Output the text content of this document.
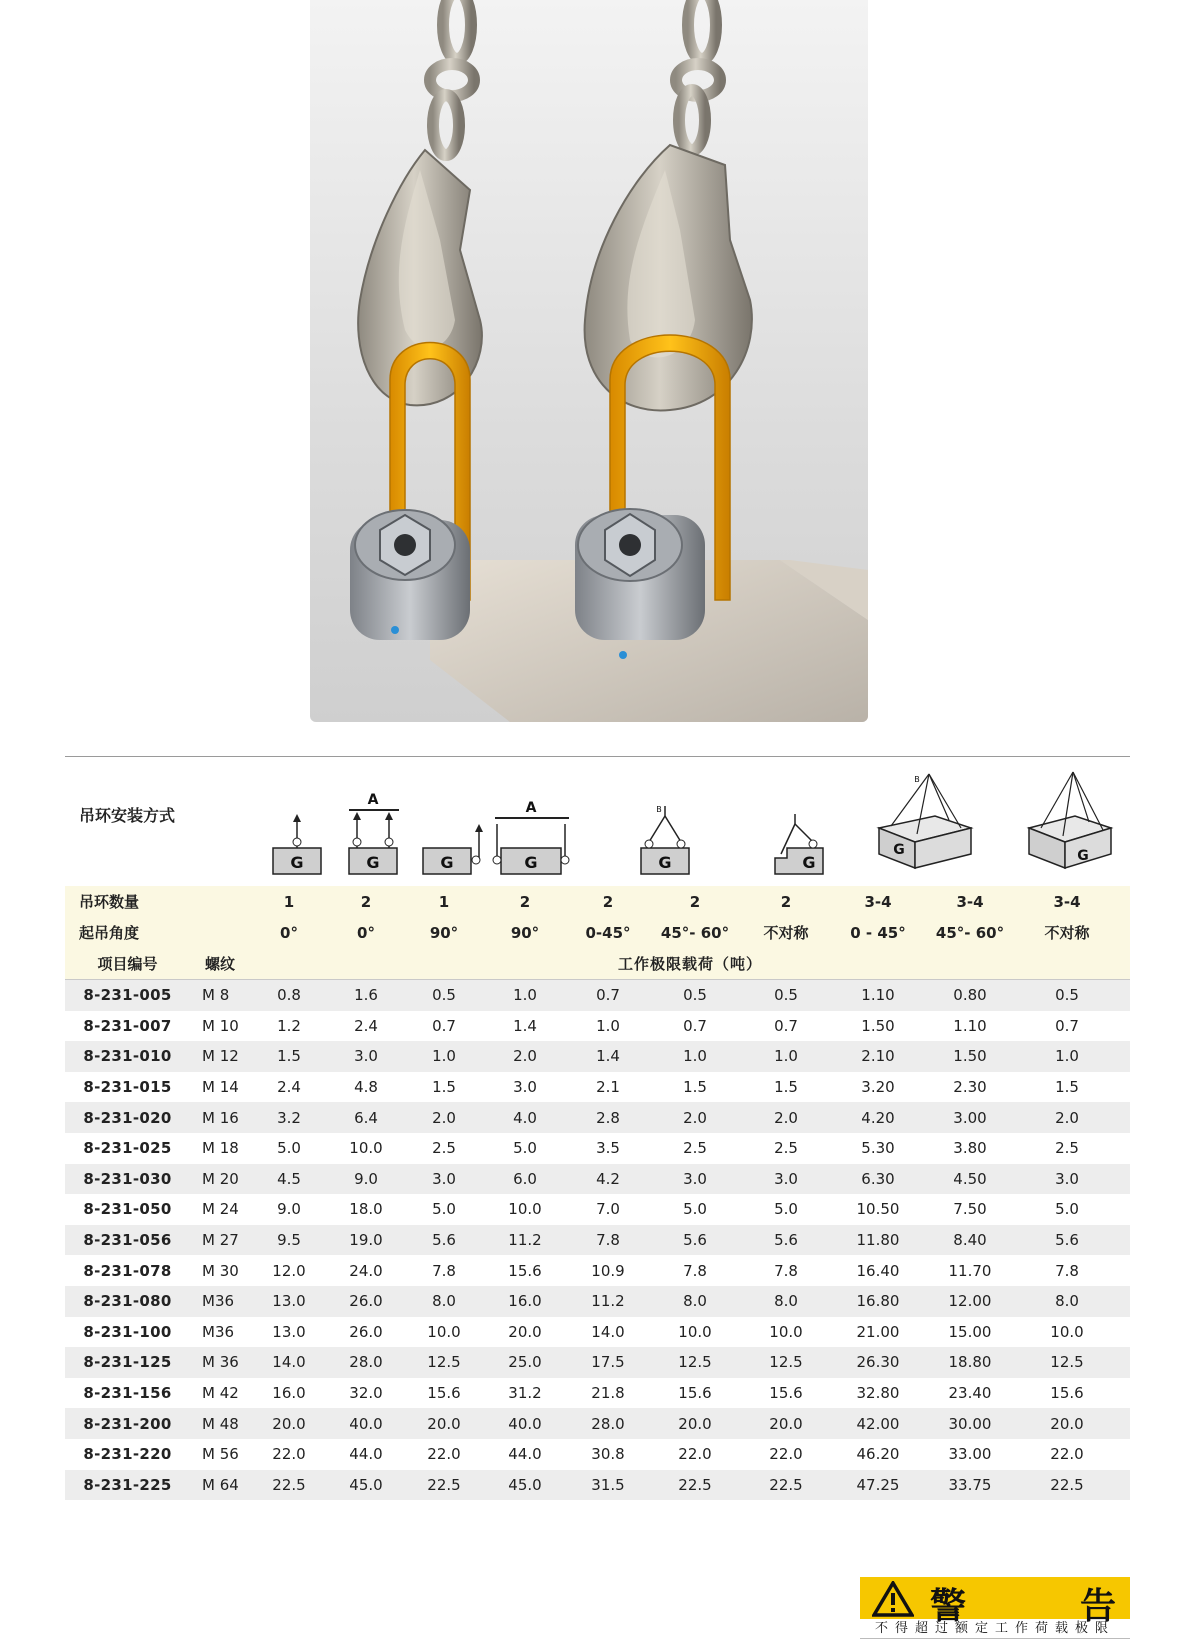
吊环安装方式
G	G
A
G	G
A
G
B
G
G
B
G
吊环数量	1	2	1	2	2	2	2	3-4	3-4	3-4
起吊角度	0°	0°	90°	90°	0-45°	45°- 60°	不对称	0 - 45°	45°- 60°	不对称
项目编号	螺纹	工作极限载荷（吨）
8-231-005	M 8	0.8	1.6	0.5	1.0	0.7	0.5	0.5	1.10	0.80	0.5
8-231-007	M 10	1.2	2.4	0.7	1.4	1.0	0.7	0.7	1.50	1.10	0.7
8-231-010	M 12	1.5	3.0	1.0	2.0	1.4	1.0	1.0	2.10	1.50	1.0
8-231-015	M 14	2.4	4.8	1.5	3.0	2.1	1.5	1.5	3.20	2.30	1.5
8-231-020	M 16	3.2	6.4	2.0	4.0	2.8	2.0	2.0	4.20	3.00	2.0
8-231-025	M 18	5.0	10.0	2.5	5.0	3.5	2.5	2.5	5.30	3.80	2.5
8-231-030	M 20	4.5	9.0	3.0	6.0	4.2	3.0	3.0	6.30	4.50	3.0
8-231-050	M 24	9.0	18.0	5.0	10.0	7.0	5.0	5.0	10.50	7.50	5.0
8-231-056	M 27	9.5	19.0	5.6	11.2	7.8	5.6	5.6	11.80	8.40	5.6
8-231-078	M 30	12.0	24.0	7.8	15.6	10.9	7.8	7.8	16.40	11.70	7.8
8-231-080	M36	13.0	26.0	8.0	16.0	11.2	8.0	8.0	16.80	12.00	8.0
8-231-100	M36	13.0	26.0	10.0	20.0	14.0	10.0	10.0	21.00	15.00	10.0
8-231-125	M 36	14.0	28.0	12.5	25.0	17.5	12.5	12.5	26.30	18.80	12.5
8-231-156	M 42	16.0	32.0	15.6	31.2	21.8	15.6	15.6	32.80	23.40	15.6
8-231-200	M 48	20.0	40.0	20.0	40.0	28.0	20.0	20.0	42.00	30.00	20.0
8-231-220	M 56	22.0	44.0	22.0	44.0	30.8	22.0	22.0	46.20	33.00	22.0
8-231-225	M 64	22.5	45.0	22.5	45.0	31.5	22.5	22.5	47.25	33.75	22.5
警	告
不得超过额定工作荷载极限
